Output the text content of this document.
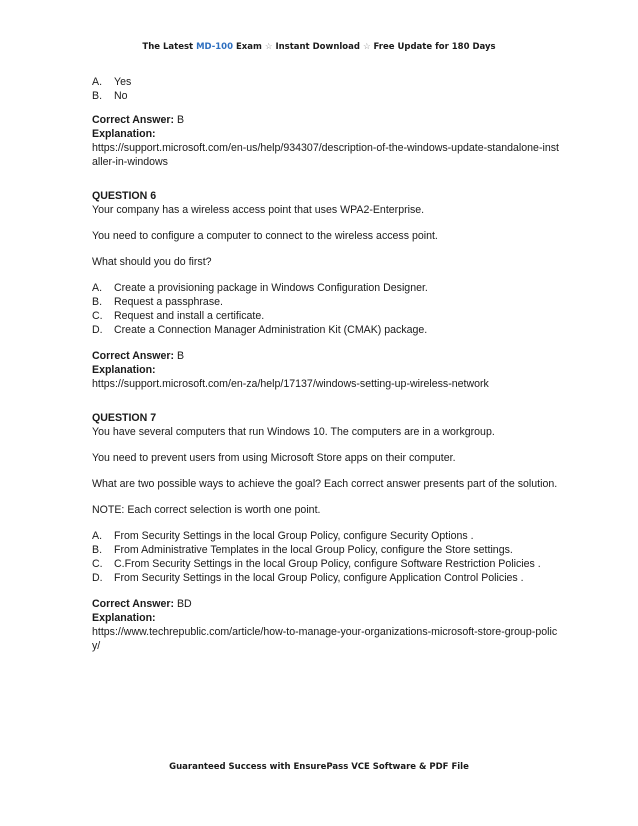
The Latest MD-100 Exam ☆ Instant Download ☆ Free Update for 180 Days
A.	Yes
B.	No
Correct Answer: B
Explanation:
https://support.microsoft.com/en-us/help/934307/description-of-the-windows-update-standalone-installer-in-windows
QUESTION 6
Your company has a wireless access point that uses WPA2-Enterprise.
You need to configure a computer to connect to the wireless access point.
What should you do first?
A.	Create a provisioning package in Windows Configuration Designer.
B.	Request a passphrase.
C.	Request and install a certificate.
D.	Create a Connection Manager Administration Kit (CMAK) package.
Correct Answer: B
Explanation:
https://support.microsoft.com/en-za/help/17137/windows-setting-up-wireless-network
QUESTION 7
You have several computers that run Windows 10. The computers are in a workgroup.
You need to prevent users from using Microsoft Store apps on their computer.
What are two possible ways to achieve the goal? Each correct answer presents part of the solution.
NOTE: Each correct selection is worth one point.
A.	From Security Settings in the local Group Policy, configure Security Options .
B.	From Administrative Templates in the local Group Policy, configure the Store settings.
C.	C.From Security Settings in the local Group Policy, configure Software Restriction Policies .
D.	From Security Settings in the local Group Policy, configure Application Control Policies .
Correct Answer: BD
Explanation:
https://www.techrepublic.com/article/how-to-manage-your-organizations-microsoft-store-group-policy/
Guaranteed Success with EnsurePass VCE Software & PDF File
